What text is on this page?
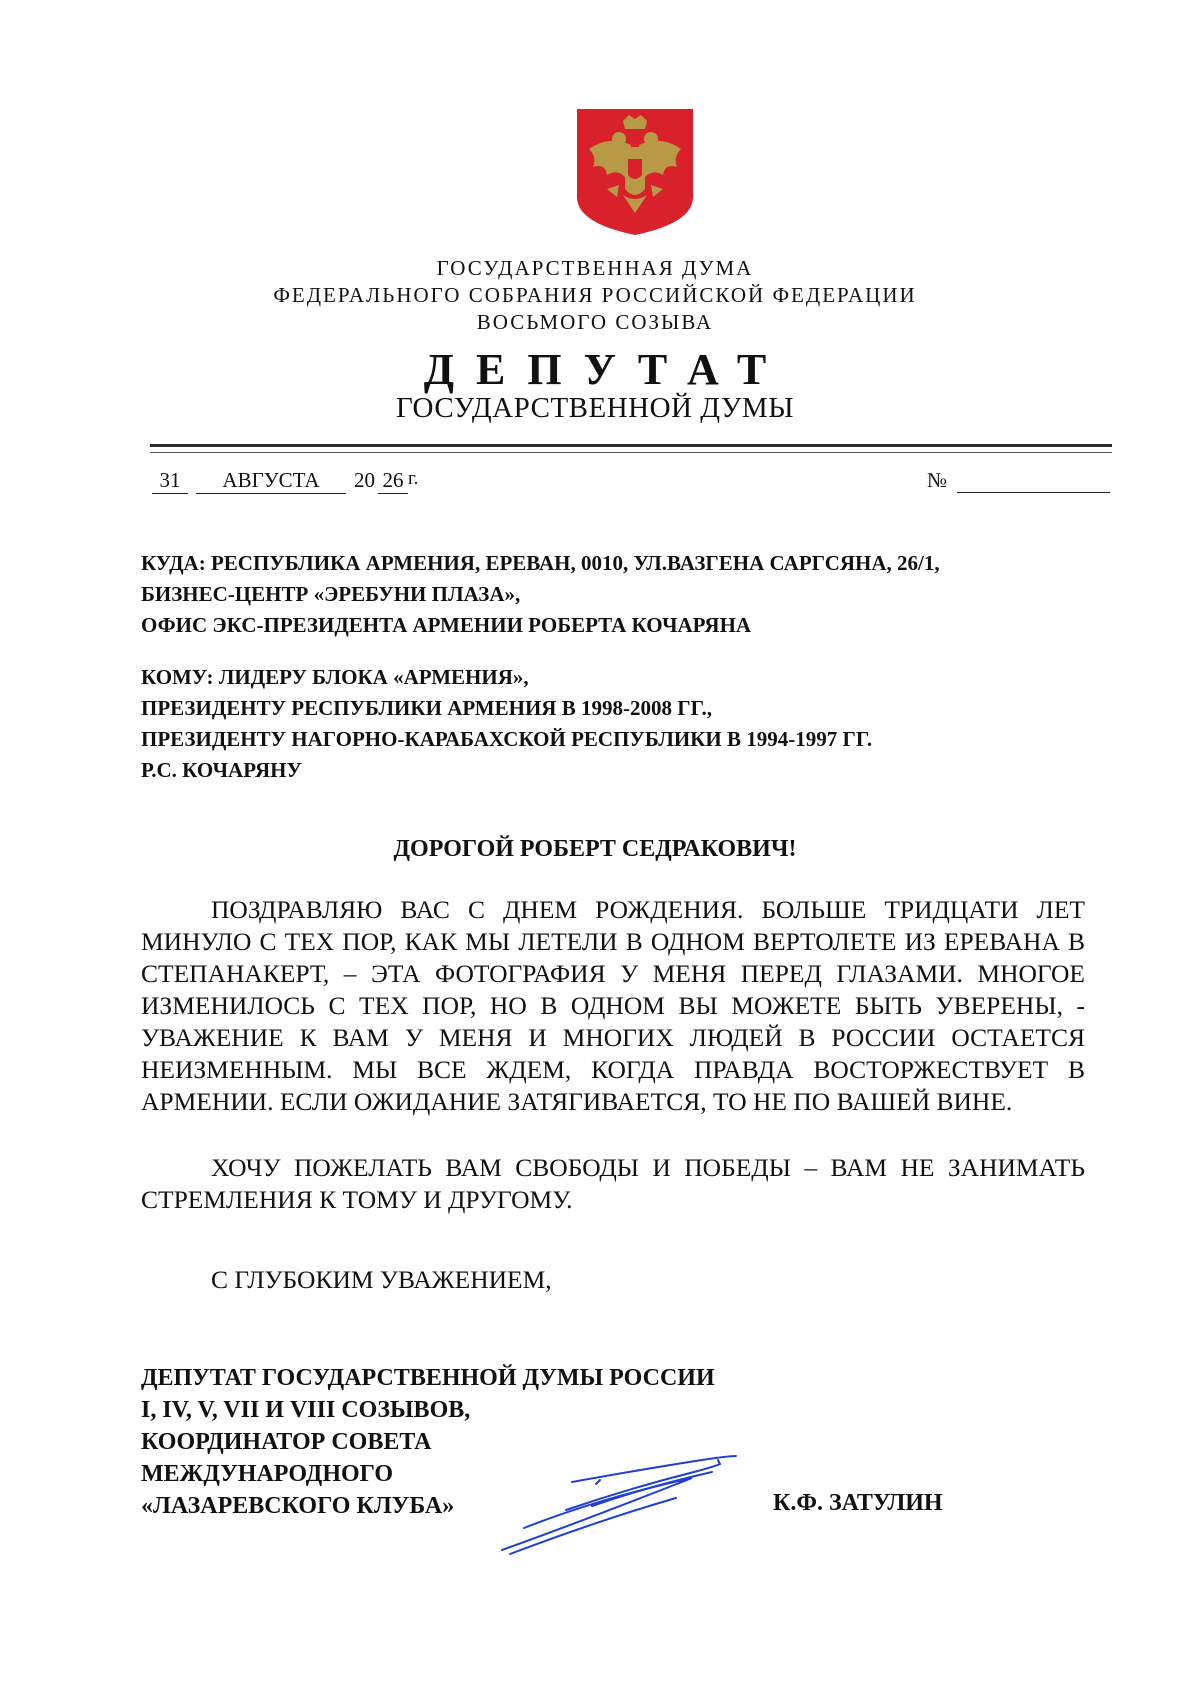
ГОСУДАРСТВЕННАЯ ДУМА
ФЕДЕРАЛЬНОГО СОБРАНИЯ РОССИЙСКОЙ ФЕДЕРАЦИИ
ВОСЬМОГО СОЗЫВА
ДЕПУТАТ
ГОСУДАРСТВЕННОЙ ДУМЫ
31	АВГУСТА	20 26 г.	№
КУДА: РЕСПУБЛИКА АРМЕНИЯ, ЕРЕВАН, 0010, УЛ.ВАЗГЕНА САРГСЯНА, 26/1,
БИЗНЕС-ЦЕНТР «ЭРЕБУНИ ПЛАЗА»,
ОФИС ЭКС-ПРЕЗИДЕНТА АРМЕНИИ РОБЕРТА КОЧАРЯНА
КОМУ: ЛИДЕРУ БЛОКА «АРМЕНИЯ»,
ПРЕЗИДЕНТУ РЕСПУБЛИКИ АРМЕНИЯ В 1998-2008 ГГ.,
ПРЕЗИДЕНТУ НАГОРНО-КАРАБАХСКОЙ РЕСПУБЛИКИ В 1994-1997 ГГ.
Р.С. КОЧАРЯНУ
ДОРОГОЙ РОБЕРТ СЕДРАКОВИЧ!
ПОЗДРАВЛЯЮ ВАС С ДНЕМ РОЖДЕНИЯ. БОЛЬШЕ ТРИДЦАТИ ЛЕТ МИНУЛО С ТЕХ ПОР, КАК МЫ ЛЕТЕЛИ В ОДНОМ ВЕРТОЛЕТЕ ИЗ ЕРЕВАНА В СТЕПАНАКЕРТ, – ЭТА ФОТОГРАФИЯ У МЕНЯ ПЕРЕД ГЛАЗАМИ. МНОГОЕ ИЗМЕНИЛОСЬ С ТЕХ ПОР, НО В ОДНОМ ВЫ МОЖЕТЕ БЫТЬ УВЕРЕНЫ, - УВАЖЕНИЕ К ВАМ У МЕНЯ И МНОГИХ ЛЮДЕЙ В РОССИИ ОСТАЕТСЯ НЕИЗМЕННЫМ. МЫ ВСЕ ЖДЕМ, КОГДА ПРАВДА ВОСТОРЖЕСТВУЕТ В АРМЕНИИ. ЕСЛИ ОЖИДАНИЕ ЗАТЯГИВАЕТСЯ, ТО НЕ ПО ВАШЕЙ ВИНЕ.
ХОЧУ ПОЖЕЛАТЬ ВАМ СВОБОДЫ И ПОБЕДЫ – ВАМ НЕ ЗАНИМАТЬ СТРЕМЛЕНИЯ К ТОМУ И ДРУГОМУ.
С ГЛУБОКИМ УВАЖЕНИЕМ,
ДЕПУТАТ ГОСУДАРСТВЕННОЙ ДУМЫ РОССИИ
I, IV, V, VII И VIII СОЗЫВОВ,
КООРДИНАТОР СОВЕТА
МЕЖДУНАРОДНОГО
«ЛАЗАРЕВСКОГО КЛУБА»	К.Ф. ЗАТУЛИН
